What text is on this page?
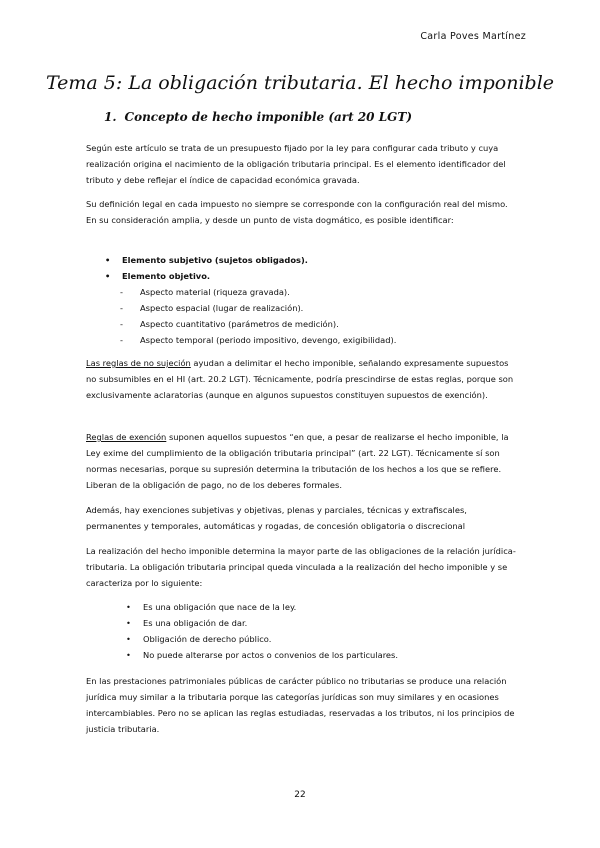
Carla Poves Martínez
Tema 5: La obligación tributaria. El hecho imponible
1. Concepto de hecho imponible (art 20 LGT)
Según este artículo se trata de un presupuesto fijado por la ley para configurar cada tributo y cuya realización origina el nacimiento de la obligación tributaria principal. Es el elemento identificador del tributo y debe reflejar el índice de capacidad económica gravada.
Su definición legal en cada impuesto no siempre se corresponde con la configuración real del mismo. En su consideración amplia, y desde un punto de vista dogmático, es posible identificar:
• Elemento subjetivo (sujetos obligados).
• Elemento objetivo.
- Aspecto material (riqueza gravada).
- Aspecto espacial (lugar de realización).
- Aspecto cuantitativo (parámetros de medición).
- Aspecto temporal (periodo impositivo, devengo, exigibilidad).
Las reglas de no sujeción ayudan a delimitar el hecho imponible, señalando expresamente supuestos no subsumibles en el HI (art. 20.2 LGT). Técnicamente, podría prescindirse de estas reglas, porque son exclusivamente aclaratorias (aunque en algunos supuestos constituyen supuestos de exención).
Reglas de exención suponen aquellos supuestos “en que, a pesar de realizarse el hecho imponible, la Ley exime del cumplimiento de la obligación tributaria principal” (art. 22 LGT). Técnicamente sí son normas necesarias, porque su supresión determina la tributación de los hechos a los que se refiere. Liberan de la obligación de pago, no de los deberes formales.
Además, hay exenciones subjetivas y objetivas, plenas y parciales, técnicas y extrafiscales, permanentes y temporales, automáticas y rogadas, de concesión obligatoria o discrecional
La realización del hecho imponible determina la mayor parte de las obligaciones de la relación jurídica-tributaria. La obligación tributaria principal queda vinculada a la realización del hecho imponible y se caracteriza por lo siguiente:
• Es una obligación que nace de la ley.
• Es una obligación de dar.
• Obligación de derecho público.
• No puede alterarse por actos o convenios de los particulares.
En las prestaciones patrimoniales públicas de carácter público no tributarias se produce una relación jurídica muy similar a la tributaria porque las categorías jurídicas son muy similares y en ocasiones intercambiables. Pero no se aplican las reglas estudiadas, reservadas a los tributos, ni los principios de justicia tributaria.
22
